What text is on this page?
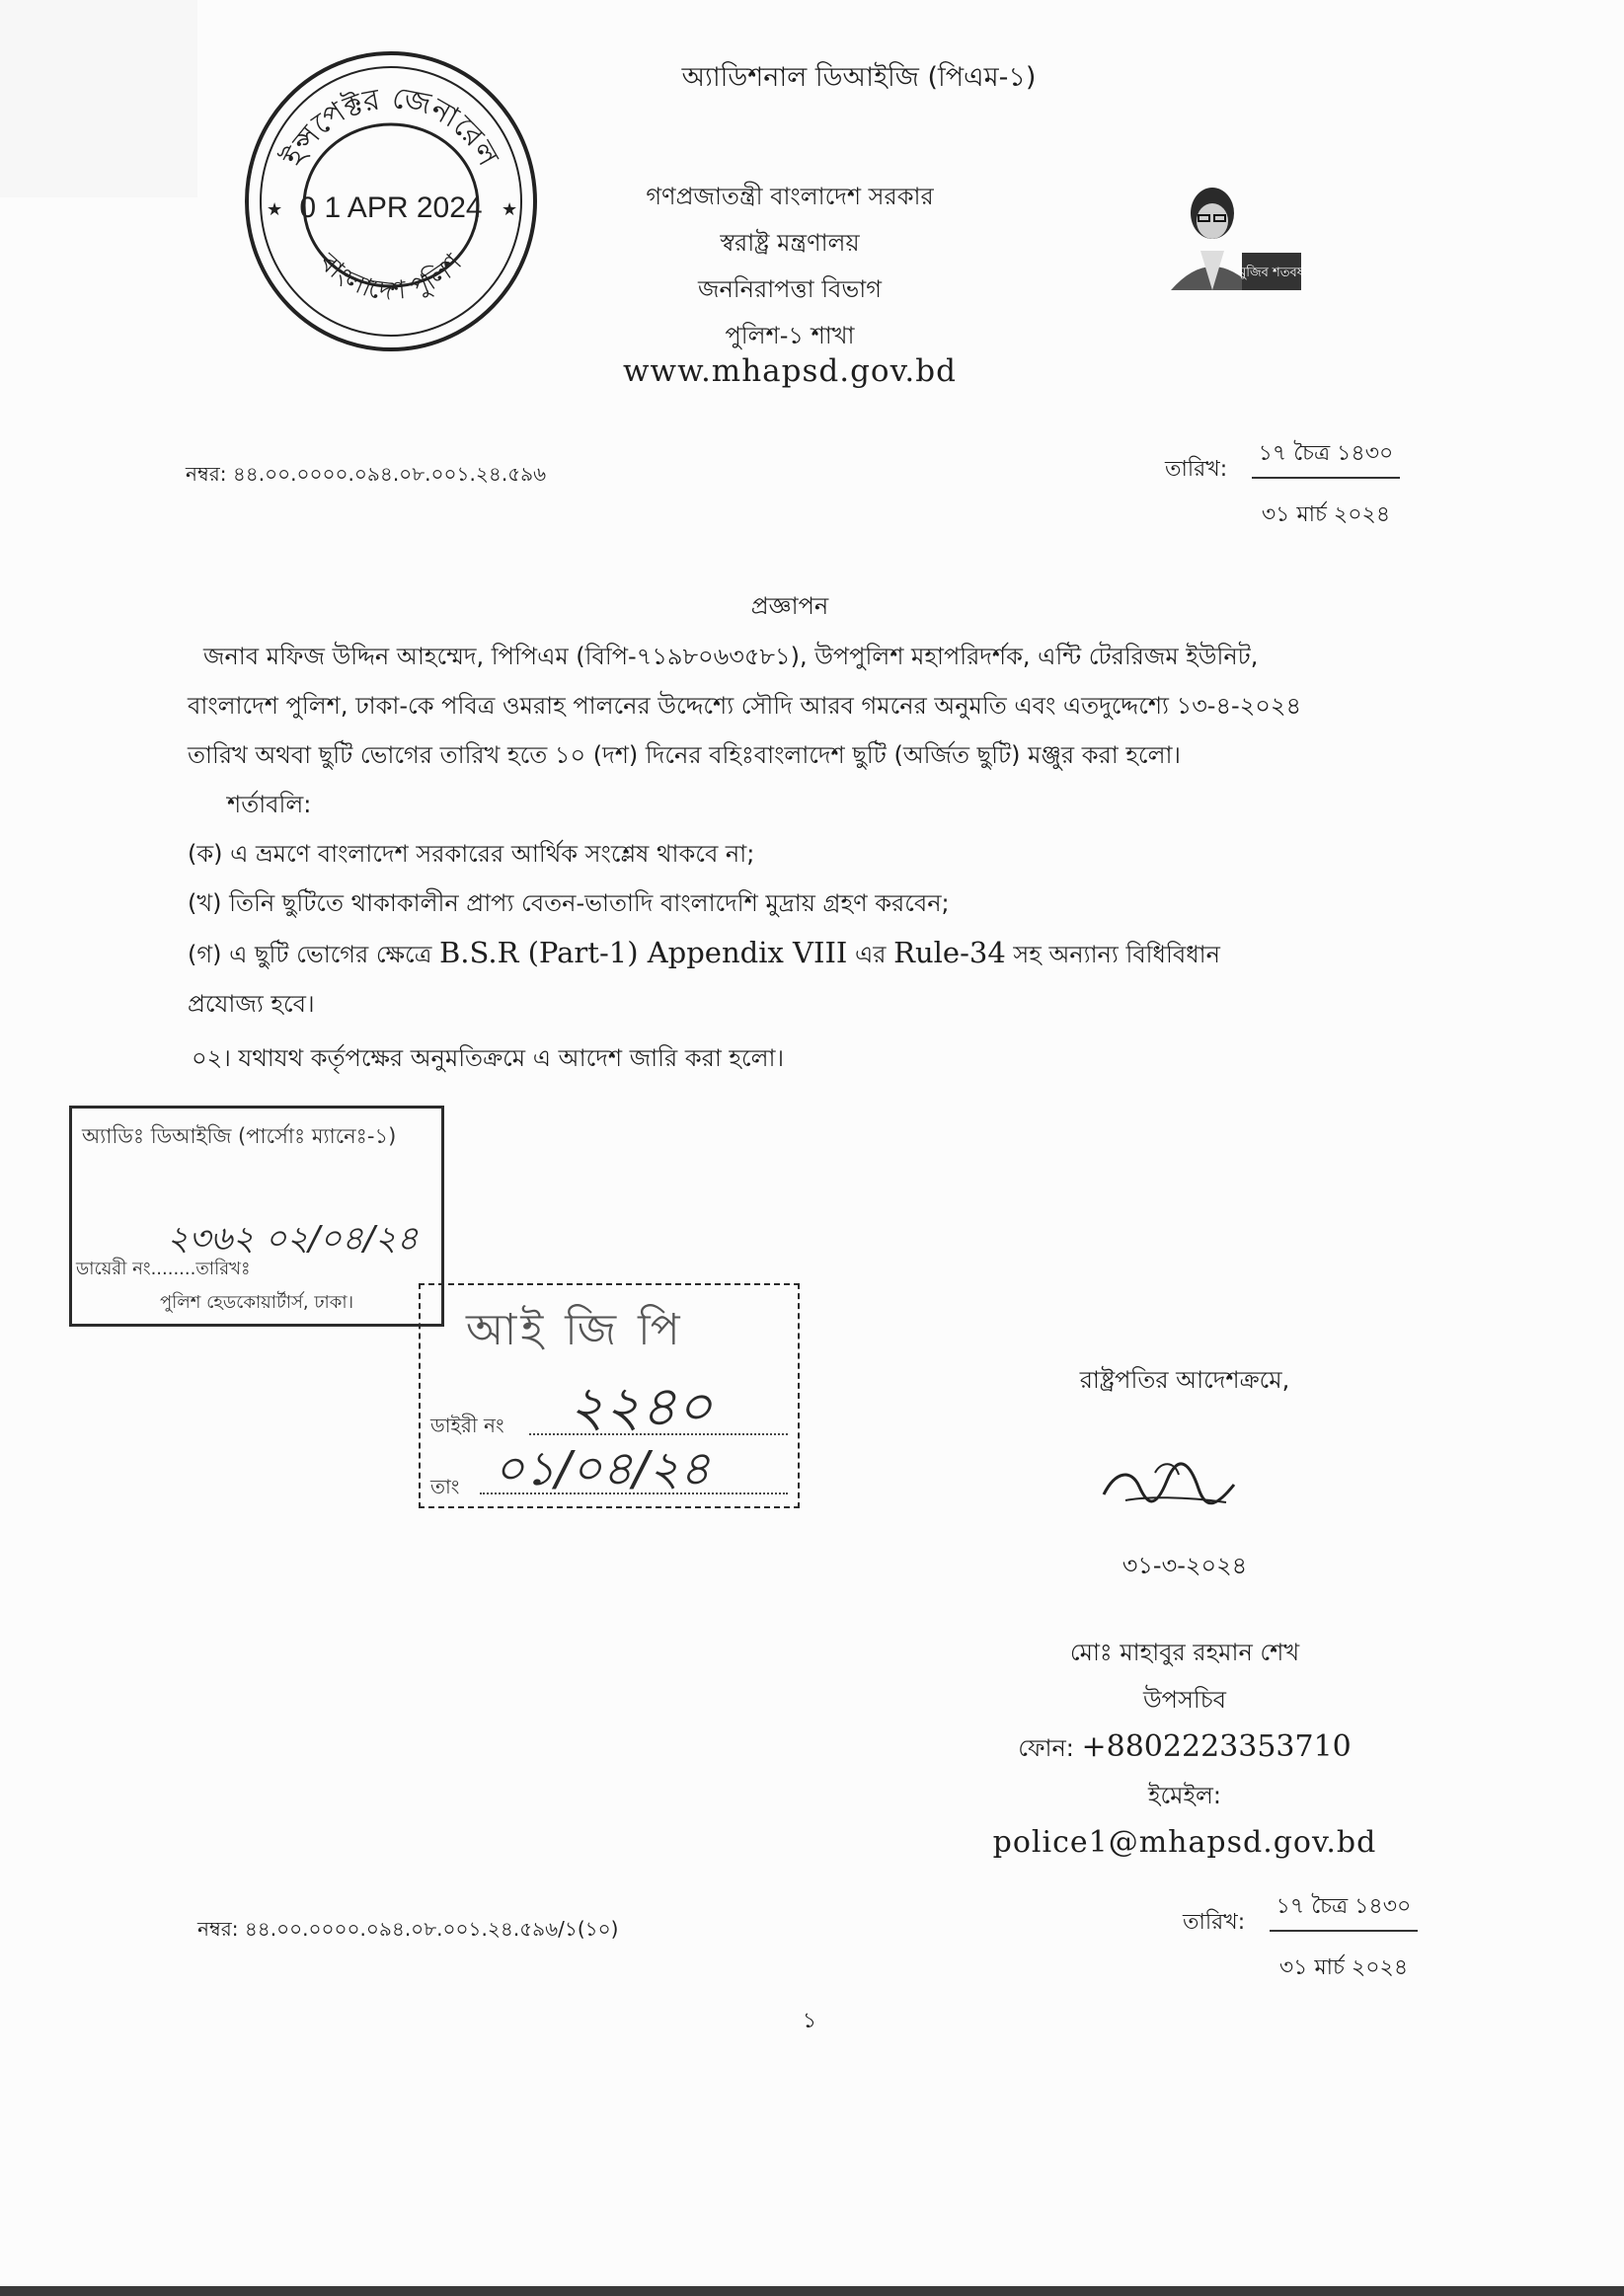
ইন্সপেক্টর জেনারেল
বাংলাদেশ পুলিশ
0 1 APR 2024
★	★
অ্যাডিশনাল ডিআইজি (পিএম-১)
গণপ্রজাতন্ত্রী বাংলাদেশ সরকার
স্বরাষ্ট্র মন্ত্রণালয়
জননিরাপত্তা বিভাগ
পুলিশ-১ শাখা
www.mhapsd.gov.bd
মুজিব শতবর্ষ
নম্বর: ৪৪.০০.০০০০.০৯৪.০৮.০০১.২৪.৫৯৬	তারিখ:
১৭ চৈত্র ১৪৩০
৩১ মার্চ ২০২৪
প্রজ্ঞাপন

জনাব মফিজ উদ্দিন আহম্মেদ, পিপিএম (বিপি-৭১৯৮০৬৩৫৮১), উপপুলিশ মহাপরিদর্শক, এন্টি টেররিজম ইউনিট,

বাংলাদেশ পুলিশ, ঢাকা-কে পবিত্র ওমরাহ পালনের উদ্দেশ্যে সৌদি আরব গমনের অনুমতি এবং এতদুদ্দেশ্যে ১৩-৪-২০২৪

তারিখ অথবা ছুটি ভোগের তারিখ হতে ১০ (দশ) দিনের বহিঃবাংলাদেশ ছুটি (অর্জিত ছুটি) মঞ্জুর করা হলো।

শর্তাবলি:

(ক) এ ভ্রমণে বাংলাদেশ সরকারের আর্থিক সংশ্লেষ থাকবে না;

(খ) তিনি ছুটিতে থাকাকালীন প্রাপ্য বেতন-ভাতাদি বাংলাদেশি মুদ্রায় গ্রহণ করবেন;

(গ) এ ছুটি ভোগের ক্ষেত্রে B.S.R (Part-1) Appendix VIII এর Rule-34 সহ অন্যান্য বিধিবিধান

প্রযোজ্য হবে।

০২। যথাযথ কর্তৃপক্ষের অনুমতিক্রমে এ আদেশ জারি করা হলো।
অ্যাডিঃ ডিআইজি (পার্সোঃ ম্যানেঃ-১)
২৩৬২ ০২/০৪/২৪
ডায়েরী নং........তারিখঃ
পুলিশ হেডকোয়ার্টার্স, ঢাকা।
আই জি পি
ডাইরী নং ২২৪০
তাং ০১/০৪/২৪
রাষ্ট্রপতির আদেশক্রমে,
৩১-৩-২০২৪
মোঃ মাহাবুর রহমান শেখ
উপসচিব
ফোন: +8802223353710
ইমেইল:
police1@mhapsd.gov.bd
নম্বর: ৪৪.০০.০০০০.০৯৪.০৮.০০১.২৪.৫৯৬/১(১০)	তারিখ:
১৭ চৈত্র ১৪৩০
৩১ মার্চ ২০২৪
১
